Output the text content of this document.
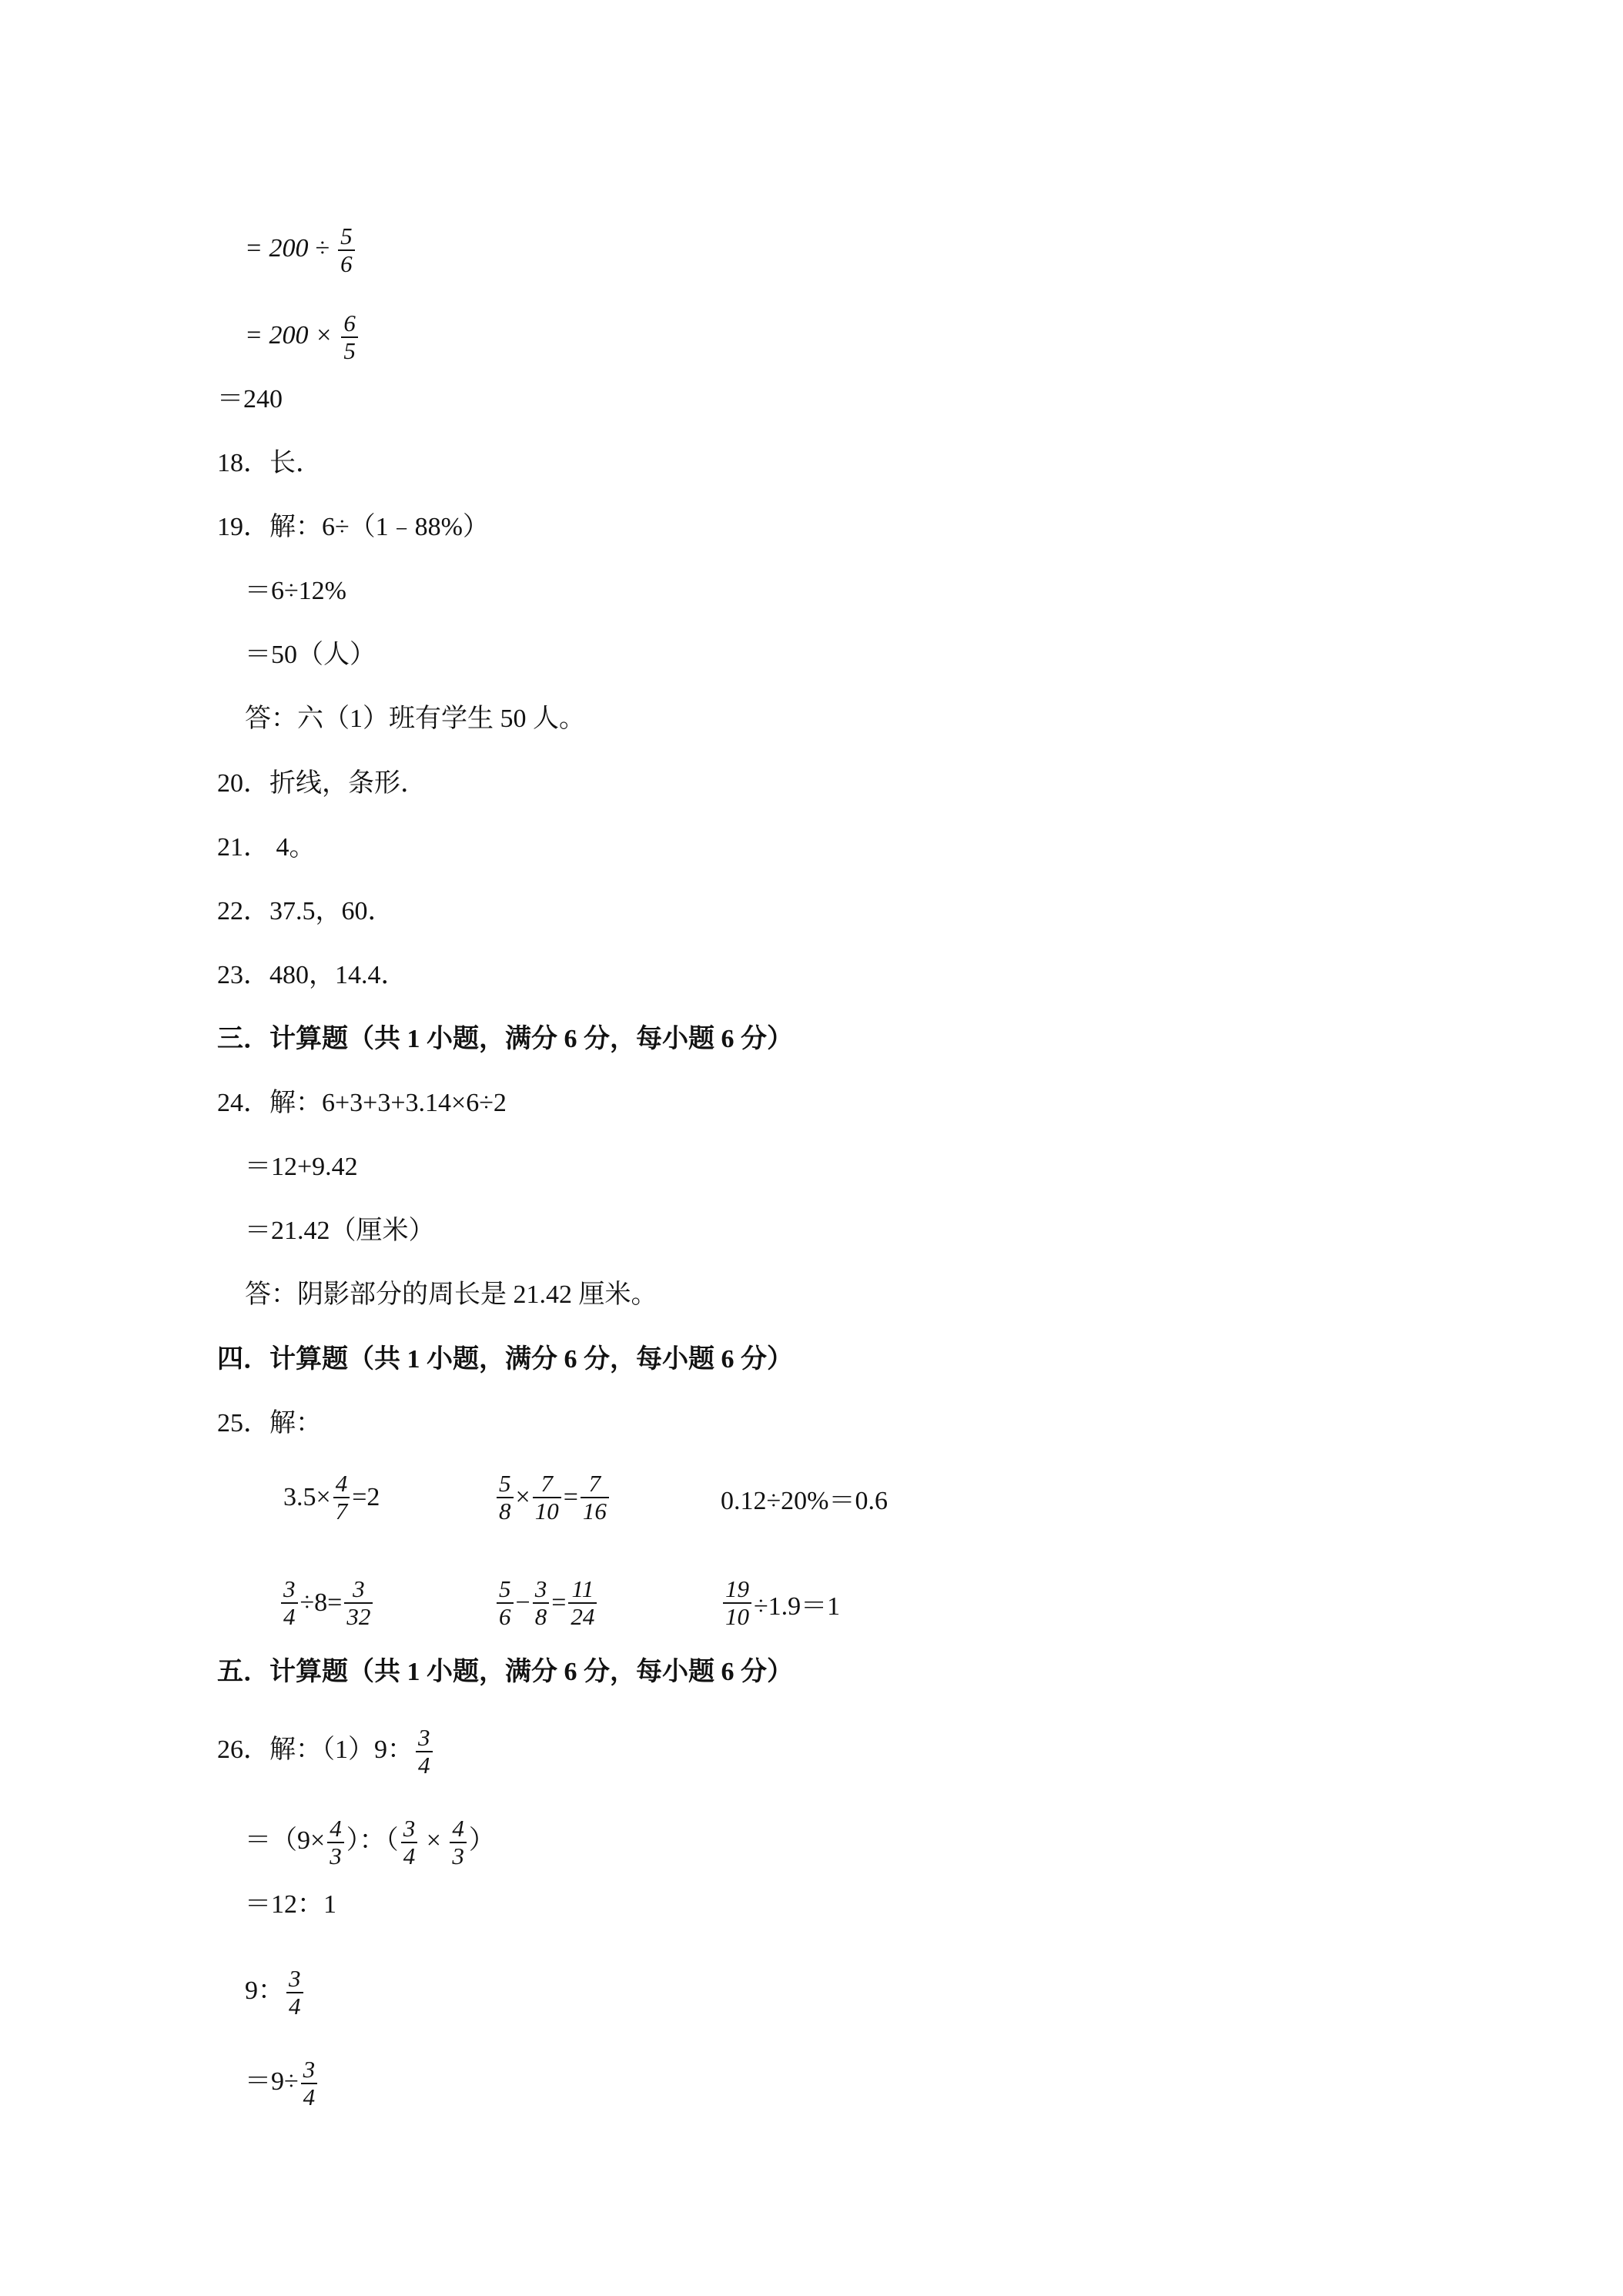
= $200 \div \frac{5}{6}$
= $200 \times \frac{6}{5}$
＝240
18．长．
19．解：6÷（1﹣88%）
＝6÷12%
＝50（人）
答：六（1）班有学生 50 人。
20．折线，条形．
21． 4。
22．37.5，60．
23．480，14.4．
三．计算题（共 1 小题，满分 6 分，每小题 6 分）
24．解：6+3+3+3.14×6÷2
＝12+9.42
＝21.42（厘米）
答：阴影部分的周长是 21.42 厘米。
四．计算题（共 1 小题，满分 6 分，每小题 6 分）
25．解：
$3.5\times \frac{4}{7} =2$	$\frac{5}{8} \times \frac{7}{10} = \frac{7}{16}$	0.12÷20%＝0.6
$\frac{3}{4} \div 8= \frac{3}{32}$	$\frac{5}{6} - \frac{3}{8} = \frac{11}{24}$	$\frac{19}{10} \div 1.9=1$
五．计算题（共 1 小题，满分 6 分，每小题 6 分）
26．解：（1）9： $\frac{3}{4}$
$=(9\times \frac{4}{3}$ ）：（ $\frac{3}{4} \times \frac{4}{3}$ ）
＝12：1
9： $\frac{3}{4}$
$=9\div \frac{3}{4}$
